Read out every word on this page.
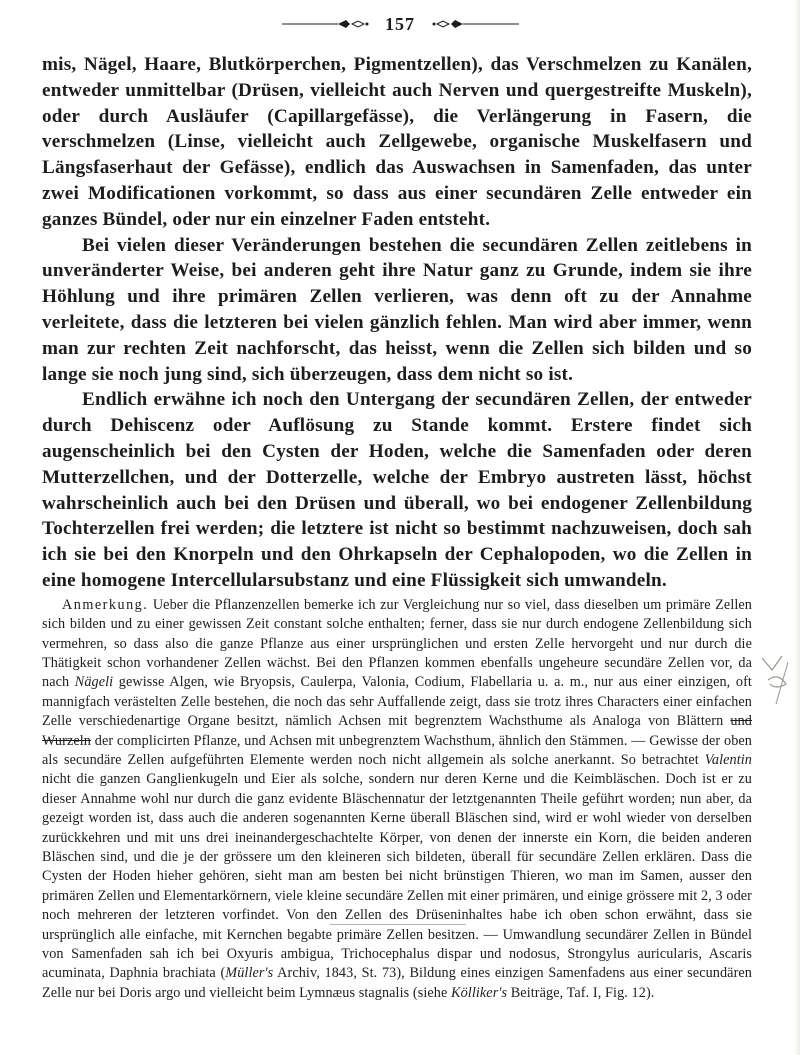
157

mis, Nägel, Haare, Blutkörperchen, Pigmentzellen), das Verschmelzen zu Kanälen, entweder unmittelbar (Drüsen, vielleicht auch Nerven und quergestreifte Muskeln), oder durch Ausläufer (Capillargefässe), die Verlängerung in Fasern, die verschmelzen (Linse, vielleicht auch Zellgewebe, organische Muskelfasern und Längsfaserhaut der Gefässe), endlich das Auswachsen in Samenfaden, das unter zwei Modificationen vorkommt, so dass aus einer secundären Zelle entweder ein ganzes Bündel, oder nur ein einzelner Faden entsteht.

Bei vielen dieser Veränderungen bestehen die secundären Zellen zeitlebens in unveränderter Weise, bei anderen geht ihre Natur ganz zu Grunde, indem sie ihre Höhlung und ihre primären Zellen verlieren, was denn oft zu der Annahme verleitete, dass die letzteren bei vielen gänzlich fehlen. Man wird aber immer, wenn man zur rechten Zeit nachforscht, das heisst, wenn die Zellen sich bilden und so lange sie noch jung sind, sich überzeugen, dass dem nicht so ist.

Endlich erwähne ich noch den Untergang der secundären Zellen, der entweder durch Dehiscenz oder Auflösung zu Stande kommt. Erstere findet sich augenscheinlich bei den Cysten der Hoden, welche die Samenfaden oder deren Mutterzellchen, und der Dotterzelle, welche der Embryo austreten lässt, höchst wahrscheinlich auch bei den Drüsen und überall, wo bei endogener Zellenbildung Tochterzellen frei werden; die letztere ist nicht so bestimmt nachzuweisen, doch sah ich sie bei den Knorpeln und den Ohrkapseln der Cephalopoden, wo die Zellen in eine homogene Intercellularsubstanz und eine Flüssigkeit sich umwandeln.

Anmerkung. Ueber die Pflanzenzellen bemerke ich zur Vergleichung nur so viel, dass dieselben um primäre Zellen sich bilden und zu einer gewissen Zeit constant solche enthalten; ferner, dass sie nur durch endogene Zellenbildung sich vermehren, so dass also die ganze Pflanze aus einer ursprünglichen und ersten Zelle hervorgeht und nur durch die Thätigkeit schon vorhandener Zellen wächst. Bei den Pflanzen kommen ebenfalls ungeheure secundäre Zellen vor, da nach Nägeli gewisse Algen, wie Bryopsis, Caulerpa, Valonia, Codium, Flabellaria u. a. m., nur aus einer einzigen, oft mannigfach verästelten Zelle bestehen, die noch das sehr Auffallende zeigt, dass sie trotz ihres Characters einer einfachen Zelle verschiedenartige Organe besitzt, nämlich Achsen mit begrenztem Wachsthume als Analoga von Blättern und Wurzeln der complicirten Pflanze, und Achsen mit unbegrenztem Wachsthum, ähnlich den Stämmen. — Gewisse der oben als secundäre Zellen aufgeführten Elemente werden noch nicht allgemein als solche anerkannt. So betrachtet Valentin nicht die ganzen Ganglienkugeln und Eier als solche, sondern nur deren Kerne und die Keimbläschen. Doch ist er zu dieser Annahme wohl nur durch die ganz evidente Bläschennatur der letztgenannten Theile geführt worden; nun aber, da gezeigt worden ist, dass auch die anderen sogenannten Kerne überall Bläschen sind, wird er wohl wieder von derselben zurückkehren und mit uns drei ineinandergeschachtelte Körper, von denen der innerste ein Korn, die beiden anderen Bläschen sind, und die je der grössere um den kleineren sich bildeten, überall für secundäre Zellen erklären. Dass die Cysten der Hoden hieher gehören, sieht man am besten bei nicht brünstigen Thieren, wo man im Samen, ausser den primären Zellen und Elementarkörnern, viele kleine secundäre Zellen mit einer primären, und einige grössere mit 2, 3 oder noch mehreren der letzteren vorfindet. Von den Zellen des Drüseninhaltes habe ich oben schon erwähnt, dass sie ursprünglich alle einfache, mit Kernchen begabte primäre Zellen besitzen. — Umwandlung secundärer Zellen in Bündel von Samenfaden sah ich bei Oxyuris ambigua, Trichocephalus dispar und nodosus, Strongylus auricularis, Ascaris acuminata, Daphnia brachiata (Müller's Archiv, 1843, St. 73), Bildung eines einzigen Samenfadens aus einer secundären Zelle nur bei Doris argo und vielleicht beim Lymnæus stagnalis (siehe Kölliker's Beiträge, Taf. I, Fig. 12).
